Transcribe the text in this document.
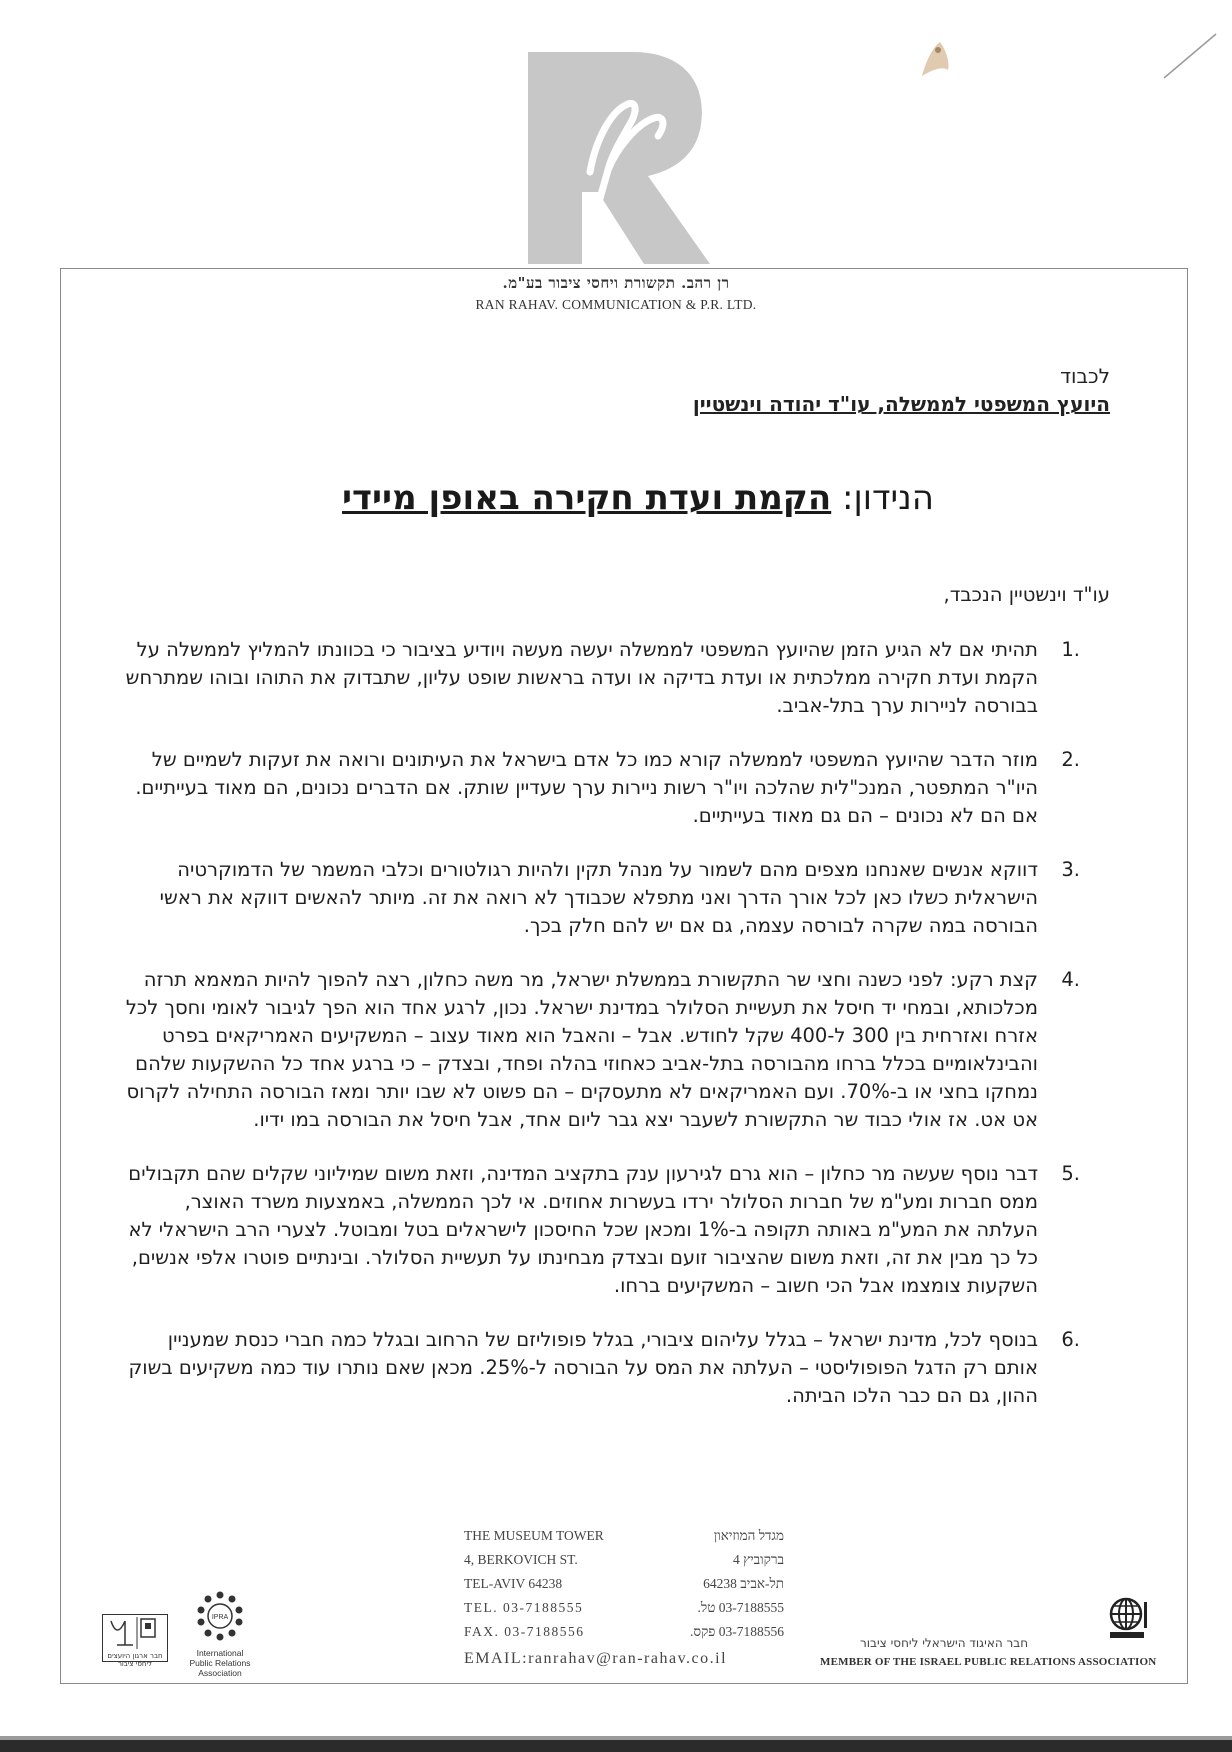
רן רהב. תקשורת ויחסי ציבור בע"מ.
RAN RAHAV. COMMUNICATION & P.R. LTD.
לכבוד
היועץ המשפטי לממשלה, עו"ד יהודה וינשטיין
הנידון: הקמת ועדת חקירה באופן מיידי
עו"ד וינשטיין הנכבד,
1.
תהיתי אם לא הגיע הזמן שהיועץ המשפטי לממשלה יעשה מעשה ויודיע בציבור כי בכוונתו להמליץ לממשלה על הקמת ועדת חקירה ממלכתית או ועדת בדיקה או ועדה בראשות שופט עליון, שתבדוק את התוהו ובוהו שמתרחש בבורסה לניירות ערך בתל-אביב.
2.
מוזר הדבר שהיועץ המשפטי לממשלה קורא כמו כל אדם בישראל את העיתונים ורואה את זעקות לשמיים של היו"ר המתפטר, המנכ"לית שהלכה ויו"ר רשות ניירות ערך שעדיין שותק. אם הדברים נכונים, הם מאוד בעייתיים. אם הם לא נכונים – הם גם מאוד בעייתיים.
3.
דווקא אנשים שאנחנו מצפים מהם לשמור על מנהל תקין ולהיות רגולטורים וכלבי המשמר של הדמוקרטיה הישראלית כשלו כאן לכל אורך הדרך ואני מתפלא שכבודך לא רואה את זה. מיותר להאשים דווקא את ראשי הבורסה במה שקרה לבורסה עצמה, גם אם יש להם חלק בכך.
4.
קצת רקע: לפני כשנה וחצי שר התקשורת בממשלת ישראל, מר משה כחלון, רצה להפוך להיות המאמא תרזה מכלכותא, ובמחי יד חיסל את תעשיית הסלולר במדינת ישראל. נכון, לרגע אחד הוא הפך לגיבור לאומי וחסך לכל אזרח ואזרחית בין 300 ל-400 שקל לחודש. אבל – והאבל הוא מאוד עצוב – המשקיעים האמריקאים בפרט והבינלאומיים בכלל ברחו מהבורסה בתל-אביב כאחוזי בהלה ופחד, ובצדק – כי ברגע אחד כל ההשקעות שלהם נמחקו בחצי או ב-70%. ועם האמריקאים לא מתעסקים – הם פשוט לא שבו יותר ומאז הבורסה התחילה לקרוס אט אט. אז אולי כבוד שר התקשורת לשעבר יצא גבר ליום אחד, אבל חיסל את הבורסה במו ידיו.
5.
דבר נוסף שעשה מר כחלון – הוא גרם לגירעון ענק בתקציב המדינה, וזאת משום שמיליוני שקלים שהם תקבולים ממס חברות ומע"מ של חברות הסלולר ירדו בעשרות אחוזים. אי לכך הממשלה, באמצעות משרד האוצר, העלתה את המע"מ באותה תקופה ב-1% ומכאן שכל החיסכון לישראלים בטל ומבוטל. לצערי הרב הישראלי לא כל כך מבין את זה, וזאת משום שהציבור זועם ובצדק מבחינתו על תעשיית הסלולר. ובינתיים פוטרו אלפי אנשים, השקעות צומצמו אבל הכי חשוב – המשקיעים ברחו.
6.
בנוסף לכל, מדינת ישראל – בגלל עליהום ציבורי, בגלל פופוליזם של הרחוב ובגלל כמה חברי כנסת שמעניין אותם רק הדגל הפופוליסטי – העלתה את המס על הבורסה ל-25%. מכאן שאם נותרו עוד כמה משקיעים בשוק ההון, גם הם כבר הלכו הביתה.
THE MUSEUM TOWER	מגדל המוזיאון
4, BERKOVICH ST.	ברקוביץ 4
TEL-AVIV 64238	תל-אביב 64238
TEL. 03-7188555	03-7188555 טל.
FAX. 03-7188556	03-7188556 פקס.
EMAIL:ranrahav@ran-rahav.co.il
חבר האיגוד הישראלי ליחסי ציבור
MEMBER OF THE ISRAEL PUBLIC RELATIONS ASSOCIATION
IPRA
International
Public Relations
Association
חבר ארגון היועצים ליחסי ציבור
